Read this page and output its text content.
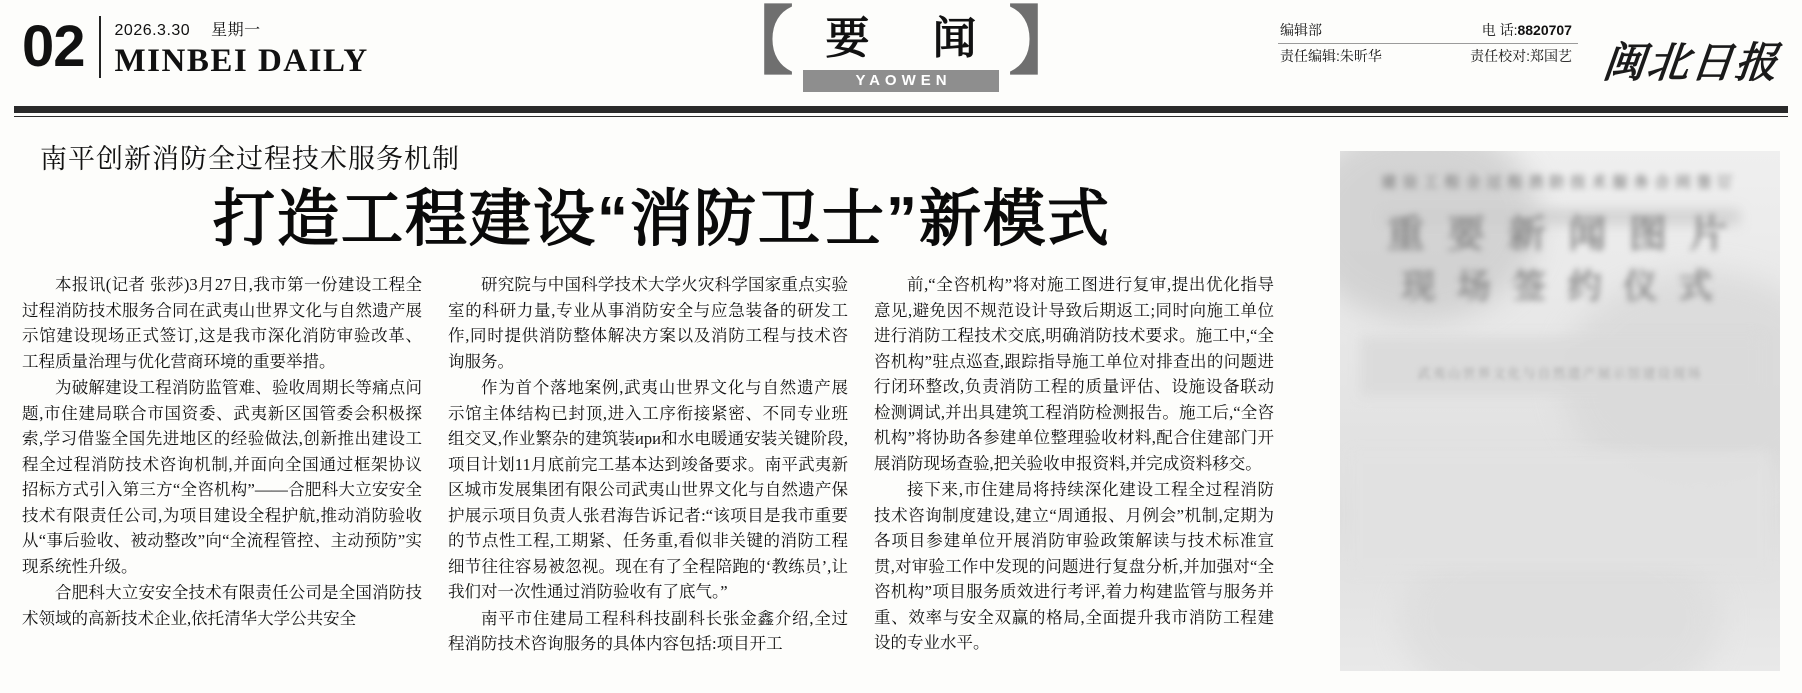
02	2026.3.30 星期一
MINBEI DAILY	【 要 闻
YAOWEN 】	编辑部	电 话:8820707
责任编辑:朱昕华	责任校对:郑国艺 闽北日报
南平创新消防全过程技术服务机制
打造工程建设“消防卫士”新模式

本报讯(记者 张莎)3月27日,我市第一份建设工程全过程消防技术服务合同在武夷山世界文化与自然遗产展示馆建设现场正式签订,这是我市深化消防审验改革、工程质量治理与优化营商环境的重要举措。

为破解建设工程消防监管难、验收周期长等痛点问题,市住建局联合市国资委、武夷新区国管委会积极探索,学习借鉴全国先进地区的经验做法,创新推出建设工程全过程消防技术咨询机制,并面向全国通过框架协议招标方式引入第三方“全咨机构”——合肥科大立安安全技术有限责任公司,为项目建设全程护航,推动消防验收从“事后验收、被动整改”向“全流程管控、主动预防”实现系统性升级。

合肥科大立安安全技术有限责任公司是全国消防技术领域的高新技术企业,依托清华大学公共安全

研究院与中国科学技术大学火灾科学国家重点实验室的科研力量,专业从事消防安全与应急装备的研发工作,同时提供消防整体解决方案以及消防工程与技术咨询服务。

作为首个落地案例,武夷山世界文化与自然遗产展示馆主体结构已封顶,进入工序衔接紧密、不同专业班组交叉,作业繁杂的建筑装ири和水电暖通安装关键阶段,项目计划11月底前完工基本达到竣备要求。南平武夷新区城市发展集团有限公司武夷山世界文化与自然遗产保护展示项目负责人张君海告诉记者:“该项目是我市重要的节点性工程,工期紧、任务重,看似非关键的消防工程细节往往容易被忽视。现在有了全程陪跑的‘教练员’,让我们对一次性通过消防验收有了底气。”

南平市住建局工程科科技副科长张金鑫介绍,全过程消防技术咨询服务的具体内容包括:项目开工

前,“全咨机构”将对施工图进行复审,提出优化指导意见,避免因不规范设计导致后期返工;同时向施工单位进行消防工程技术交底,明确消防技术要求。施工中,“全咨机构”驻点巡查,跟踪指导施工单位对排查出的问题进行闭环整改,负责消防工程的质量评估、设施设备联动检测调试,并出具建筑工程消防检测报告。施工后,“全咨机构”将协助各参建单位整理验收材料,配合住建部门开展消防现场查验,把关验收申报资料,并完成资料移交。

接下来,市住建局将持续深化建设工程全过程消防技术咨询制度建设,建立“周通报、月例会”机制,定期为各项目参建单位开展消防审验政策解读与技术标准宣贯,对审验工作中发现的问题进行复盘分析,并加强对“全咨机构”项目服务质效进行考评,着力构建监管与服务并重、效率与安全双赢的格局,全面提升我市消防工程建设的专业水平。

建设工程全过程消防技术服务合同签订
重 要 新 闻 图 片
现 场 签 约 仪 式
武夷山世界文化与自然遗产展示馆建设现场
